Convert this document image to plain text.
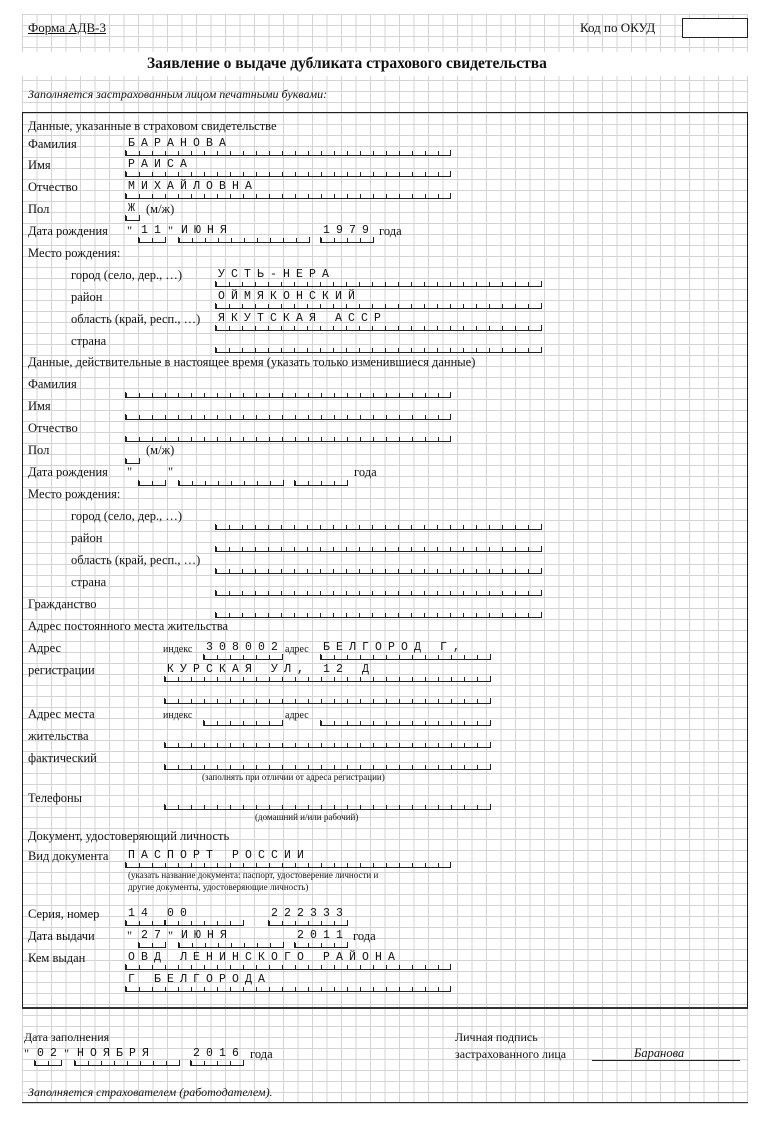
Форма АДВ-3	Код по ОКУД
Заявление о выдаче дубликата страхового свидетельства
Заполняется застрахованным лицом печатными буквами:
Данные, указанные в страховом свидетельстве
Фамилия	БАРАНОВА
Имя	РАИСА
Отчество	МИХАЙЛОВНА
Пол	Ж (м/ж)
Дата рождения " 11 " ИЮНЯ	1979 года
Место рождения:
город (село, дер., …)	УСТЬ-НЕРА
район	ОЙМЯКОНСКИЙ
область (край, респ., …) ЯКУТСКАЯ АССР
страна
Данные, действительные в настоящее время (указать только изменившиеся данные)
Фамилия
Имя
Отчество
Пол	(м/ж)
Дата рождения "	"	года
Место рождения:
город (село, дер., …)
район
область (край, респ., …)
страна
Гражданство
Адрес постоянного места жительства
Адрес
регистрации
индекс 308002 адрес БЕЛГОРОД Г,
КУРСКАЯ УЛ, 12 Д
Адрес места
жительства
фактический
индекс	адрес
(заполнять при отличии от адреса регистрации)
Телефоны
(домашний и/или рабочий)
Документ, удостоверяющий личность
Вид документа ПАСПОРТ РОССИИ
(указать название документа: паспорт, удостоверение личности и
другие документы, удостоверяющие личность)
Серия, номер 14 00	222333
Дата выдачи	" 27 " ИЮНЯ	2011 года
Кем выдан	ОВД ЛЕНИНСКОГО РАЙОНА
Г БЕЛГОРОДА
Дата заполнения
" 02 " НОЯБРЯ	2016 года
Личная подпись
застрахованного лица	Баранова
Заполняется страхователем (работодателем).
